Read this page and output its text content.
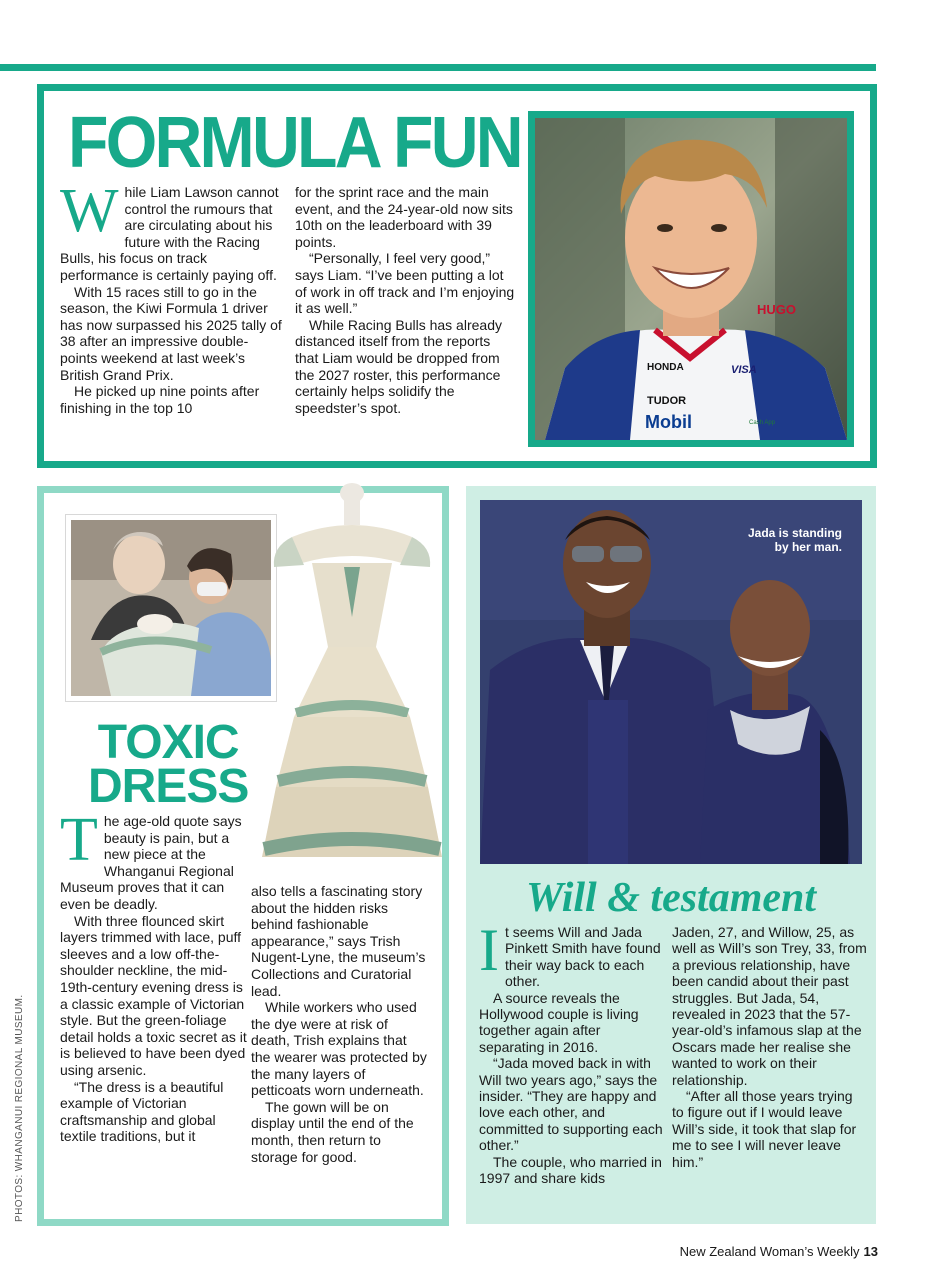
FORMULA FUN

While Liam Lawson cannot control the rumours that are circulating about his future with the Racing Bulls, his focus on track performance is certainly paying off.

With 15 races still to go in the season, the Kiwi Formula 1 driver has now surpassed his 2025 tally of 38 after an impressive double-points weekend at last week’s British Grand Prix.

He picked up nine points after finishing in the top 10

for the sprint race and the main event, and the 24-year-old now sits 10th on the leaderboard with 39 points.

“Personally, I feel very good,” says Liam. “I’ve been putting a lot of work in off track and I’m enjoying it as well.”

While Racing Bulls has already distanced itself from the reports that Liam would be dropped from the 2027 roster, this performance certainly helps solidify the speedster’s spot.

HONDA
TUDOR
Mobil
VISA
HUGO
Cash App
TOXIC
DRESS

The age-old quote says beauty is pain, but a new piece at the Whanganui Regional Museum proves that it can even be deadly.

With three flounced skirt layers trimmed with lace, puff sleeves and a low off-the-shoulder neckline, the mid-19th-century evening dress is a classic example of Victorian style. But the green-foliage detail holds a toxic secret as it is believed to have been dyed using arsenic.

“The dress is a beautiful example of Victorian craftsmanship and global textile traditions, but it

also tells a fascinating story about the hidden risks behind fashionable appearance,” says Trish Nugent-Lyne, the museum’s Collections and Curatorial lead.

While workers who used the dye were at risk of death, Trish explains that the wearer was protected by the many layers of petticoats worn underneath.

The gown will be on display until the end of the month, then return to storage for good.

Jada is standing by her man.
Will & testament

It seems Will and Jada Pinkett Smith have found their way back to each other.

A source reveals the Hollywood couple is living together again after separating in 2016.

“Jada moved back in with Will two years ago,” says the insider. “They are happy and love each other, and committed to supporting each other.”

The couple, who married in 1997 and share kids

Jaden, 27, and Willow, 25, as well as Will’s son Trey, 33, from a previous relationship, have been candid about their past struggles. But Jada, 54, revealed in 2023 that the 57-year-old’s infamous slap at the Oscars made her realise she wanted to work on their relationship.

“After all those years trying to figure out if I would leave Will’s side, it took that slap for me to see I will never leave him.”

PHOTOS: WHANGANUI REGIONAL MUSEUM.
New Zealand Woman’s Weekly 13
